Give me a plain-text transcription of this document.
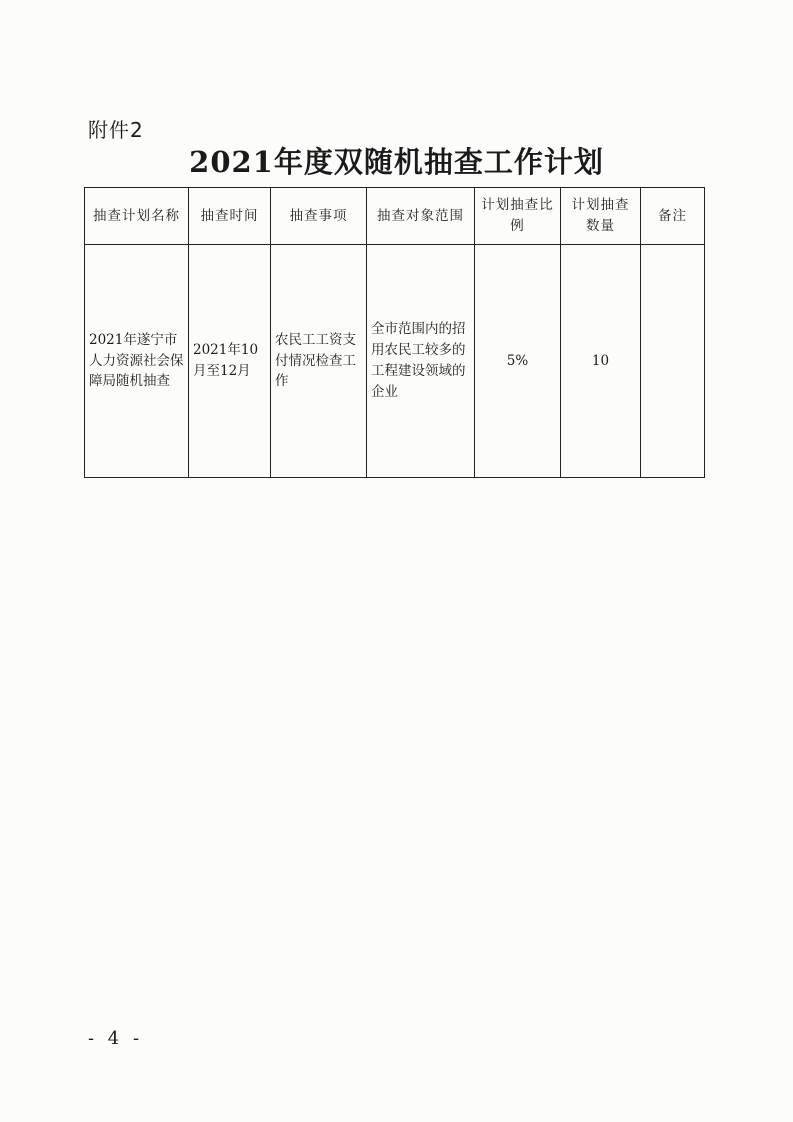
附件2
2021年度双随机抽查工作计划
抽查计划名称	抽查时间	抽查事项	抽查对象范围	计划抽查比例	计划抽查数量	备注
2021年遂宁市人力资源社会保障局随机抽查	2021年10月至12月	农民工工资支付情况检查工作	全市范围内的招用农民工较多的工程建设领域的企业	5%	10	
- 4 -
